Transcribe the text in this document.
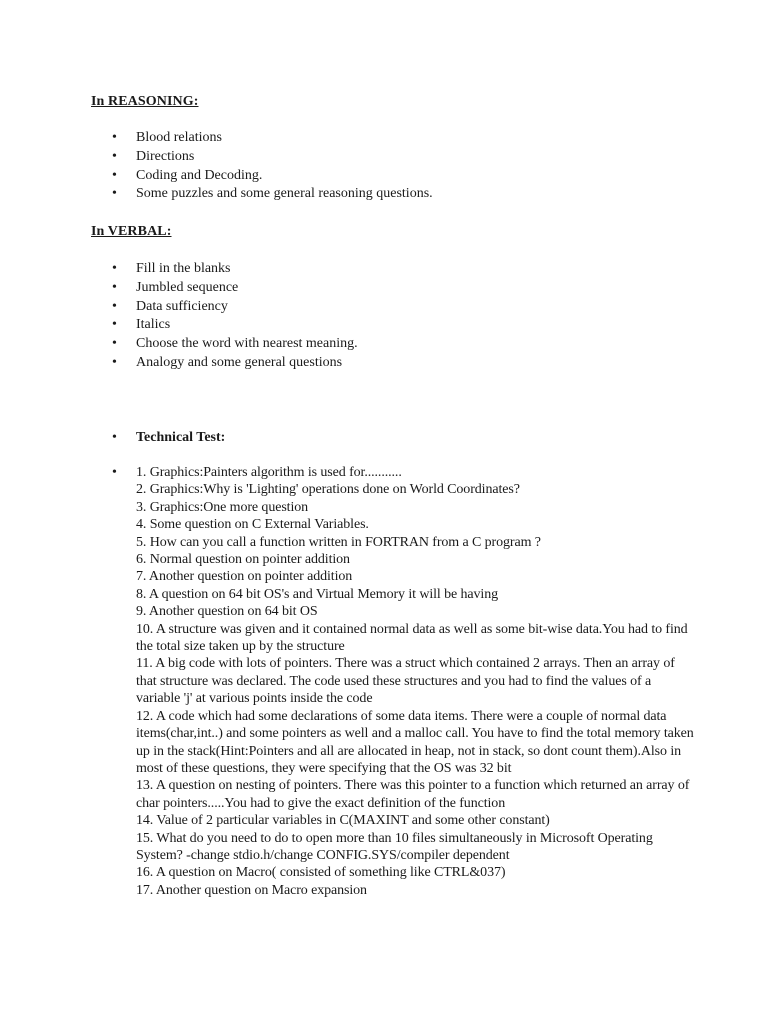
In REASONING:
• Blood relations
• Directions
• Coding and Decoding.
• Some puzzles and some general reasoning questions.
In VERBAL:
• Fill in the blanks
• Jumbled sequence
• Data sufficiency
• Italics
• Choose the word with nearest meaning.
• Analogy and some general questions
• Technical Test:
• 1. Graphics:Painters algorithm is used for...........
2. Graphics:Why is 'Lighting' operations done on World Coordinates?
3. Graphics:One more question
4. Some question on C External Variables.
5. How can you call a function written in FORTRAN from a C program ?
6. Normal question on pointer addition
7. Another question on pointer addition
8. A question on 64 bit OS's and Virtual Memory it will be having
9. Another question on 64 bit OS
10. A structure was given and it contained normal data as well as some bit-wise data.You had to find the total size taken up by the structure
11. A big code with lots of pointers. There was a struct which contained 2 arrays. Then an array of that structure was declared. The code used these structures and you had to find the values of a variable 'j' at various points inside the code
12. A code which had some declarations of some data items. There were a couple of normal data items(char,int..) and some pointers as well and a malloc call. You have to find the total memory taken up in the stack(Hint:Pointers and all are allocated in heap, not in stack, so dont count them).Also in most of these questions, they were specifying that the OS was 32 bit
13. A question on nesting of pointers. There was this pointer to a function which returned an array of char pointers.....You had to give the exact definition of the function
14. Value of 2 particular variables in C(MAXINT and some other constant)
15. What do you need to do to open more than 10 files simultaneously in Microsoft Operating System? -change stdio.h/change CONFIG.SYS/compiler dependent
16. A question on Macro( consisted of something like CTRL&037)
17. Another question on Macro expansion
